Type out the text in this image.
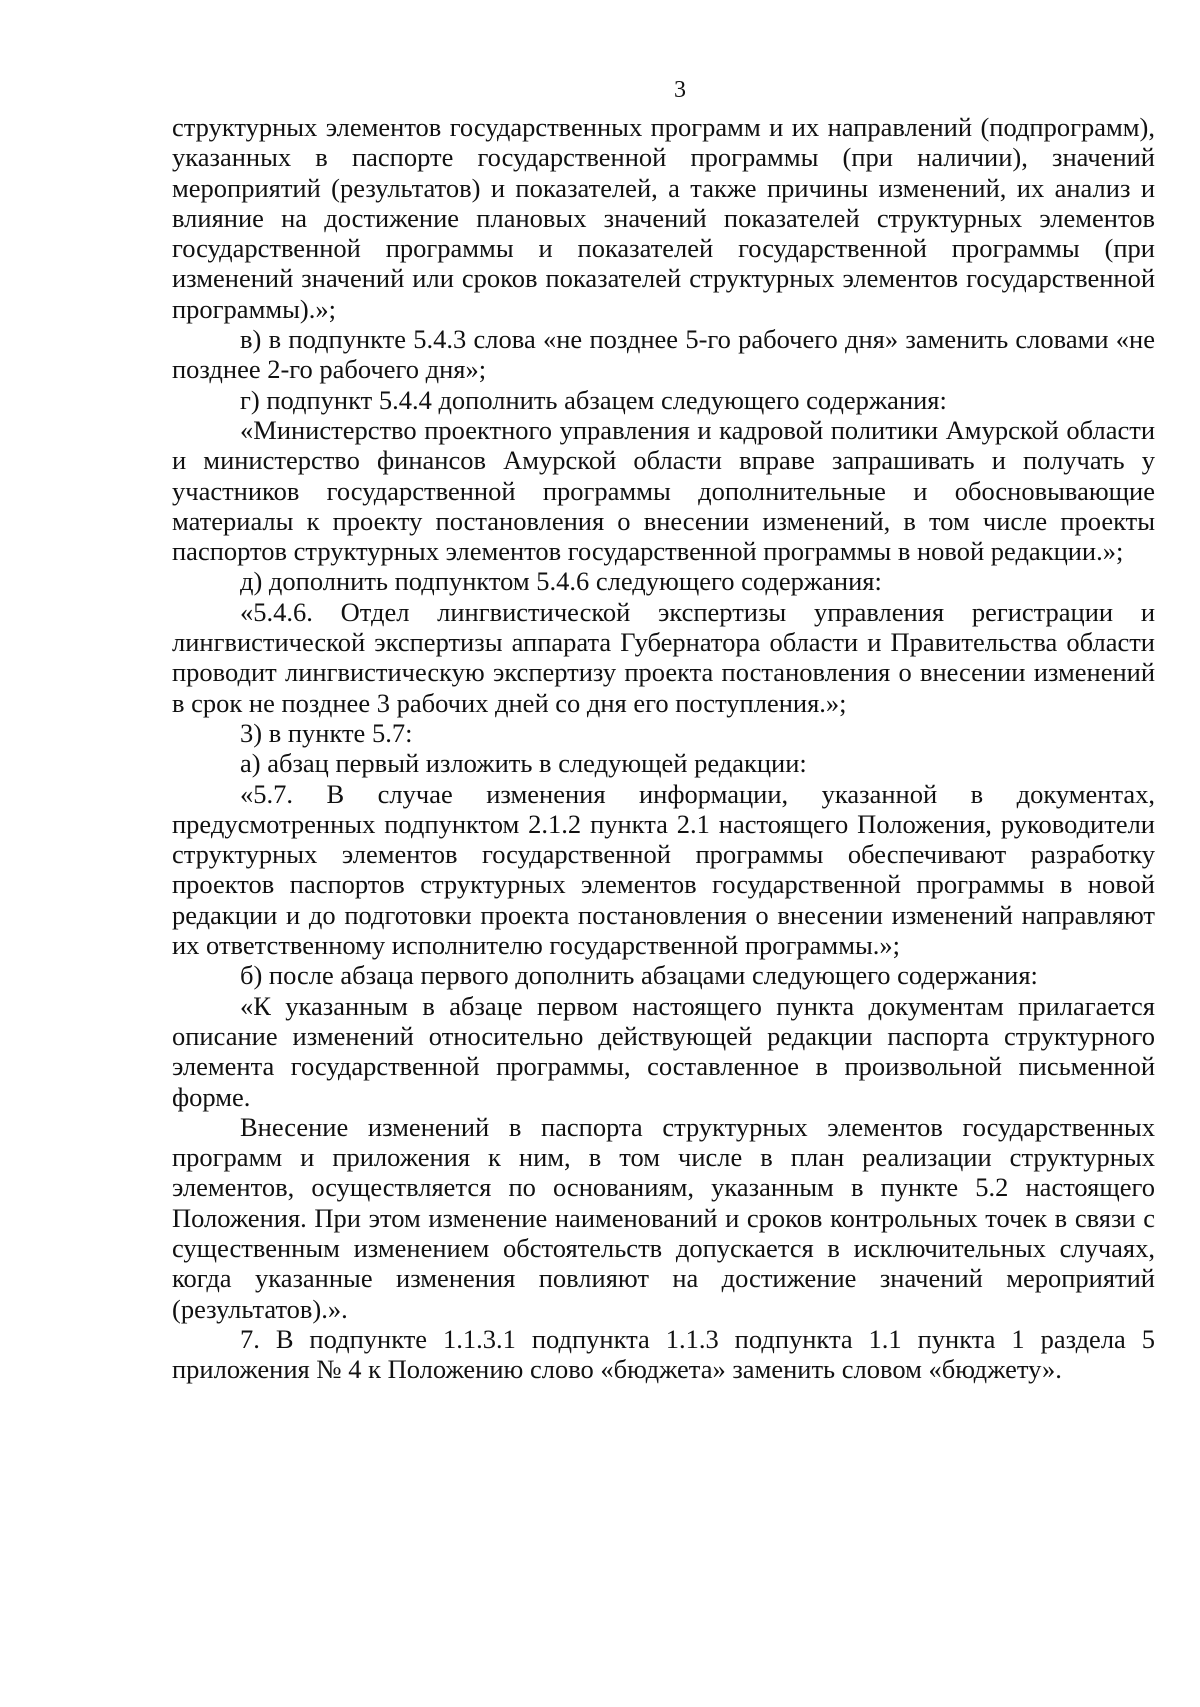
3

структурных элементов государственных программ и их направлений (подпрограмм), указанных в паспорте государственной программы (при наличии), значений мероприятий (результатов) и показателей, а также причины изменений, их анализ и влияние на достижение плановых значений показателей структурных элементов государственной программы и показателей государственной программы (при изменений значений или сроков показателей структурных элементов государственной программы).»;

в) в подпункте 5.4.3 слова «не позднее 5-го рабочего дня» заменить словами «не позднее 2-го рабочего дня»;

г) подпункт 5.4.4 дополнить абзацем следующего содержания:

«Министерство проектного управления и кадровой политики Амурской области и министерство финансов Амурской области вправе запрашивать и получать у участников государственной программы дополнительные и обосновывающие материалы к проекту постановления о внесении изменений, в том числе проекты паспортов структурных элементов государственной программы в новой редакции.»;

д) дополнить подпунктом 5.4.6 следующего содержания:

«5.4.6. Отдел лингвистической экспертизы управления регистрации и лингвистической экспертизы аппарата Губернатора области и Правительства области проводит лингвистическую экспертизу проекта постановления о внесении изменений в срок не позднее 3 рабочих дней со дня его поступления.»;

3) в пункте 5.7:

а) абзац первый изложить в следующей редакции:

«5.7. В случае изменения информации, указанной в документах, предусмотренных подпунктом 2.1.2 пункта 2.1 настоящего Положения, руководители структурных элементов государственной программы обеспечивают разработку проектов паспортов структурных элементов государственной программы в новой редакции и до подготовки проекта постановления о внесении изменений направляют их ответственному исполнителю государственной программы.»;

б) после абзаца первого дополнить абзацами следующего содержания:

«К указанным в абзаце первом настоящего пункта документам прилагается описание изменений относительно действующей редакции паспорта структурного элемента государственной программы, составленное в произвольной письменной форме.

Внесение изменений в паспорта структурных элементов государственных программ и приложения к ним, в том числе в план реализации структурных элементов, осуществляется по основаниям, указанным в пункте 5.2 настоящего Положения. При этом изменение наименований и сроков контрольных точек в связи с существенным изменением обстоятельств допускается в исключительных случаях, когда указанные изменения повлияют на достижение значений мероприятий (результатов).».

7. В подпункте 1.1.3.1 подпункта 1.1.3 подпункта 1.1 пункта 1 раздела 5 приложения № 4 к Положению слово «бюджета» заменить словом «бюджету».
